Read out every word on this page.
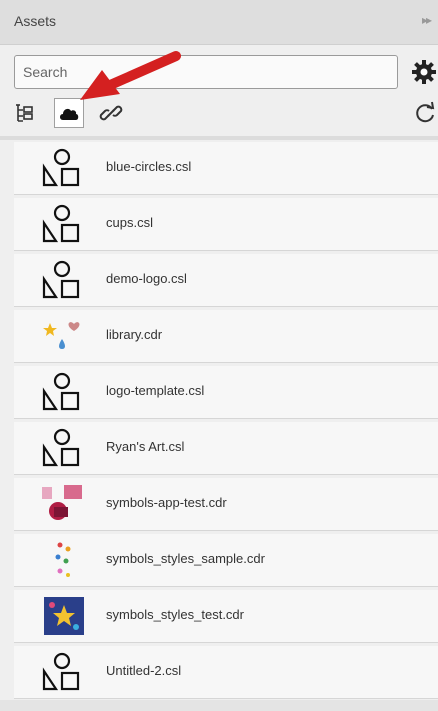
Assets	▸▸
Search
blue-circles.csl
cups.csl
demo-logo.csl
library.cdr
logo-template.csl
Ryan's Art.csl
symbols-app-test.cdr
symbols_styles_sample.cdr
symbols_styles_test.cdr
Untitled-2.csl
